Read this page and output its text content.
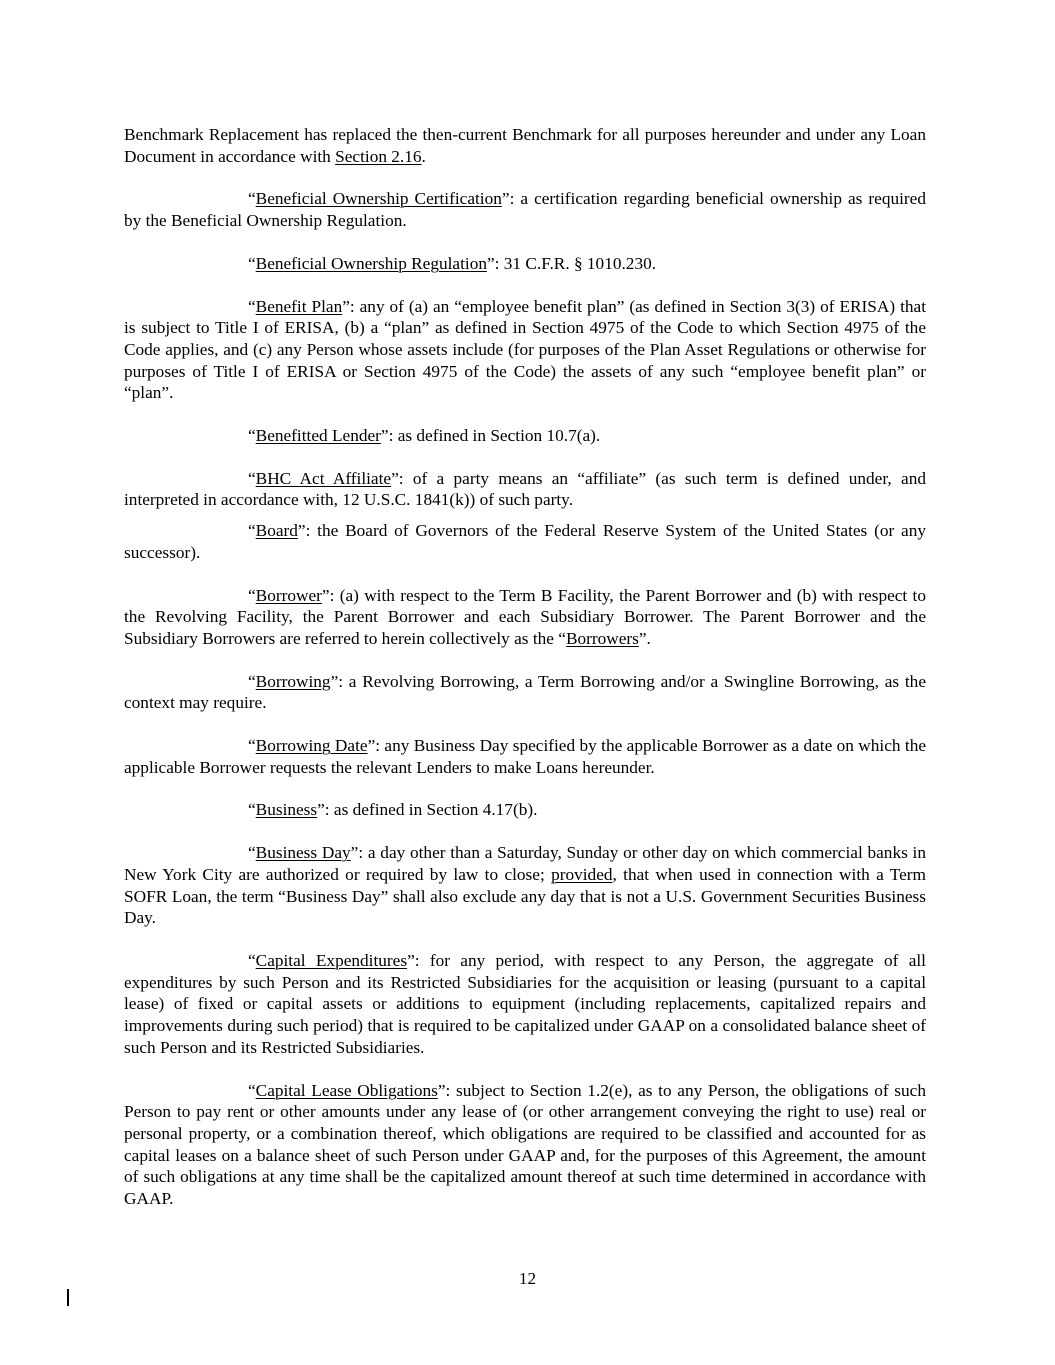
Benchmark Replacement has replaced the then-current Benchmark for all purposes hereunder and under any Loan Document in accordance with Section 2.16.

“Beneficial Ownership Certification”: a certification regarding beneficial ownership as required by the Beneficial Ownership Regulation.

“Beneficial Ownership Regulation”: 31 C.F.R. § 1010.230.

“Benefit Plan”: any of (a) an “employee benefit plan” (as defined in Section 3(3) of ERISA) that is subject to Title I of ERISA, (b) a “plan” as defined in Section 4975 of the Code to which Section 4975 of the Code applies, and (c) any Person whose assets include (for purposes of the Plan Asset Regulations or otherwise for purposes of Title I of ERISA or Section 4975 of the Code) the assets of any such “employee benefit plan” or “plan”.

“Benefitted Lender”: as defined in Section 10.7(a).

“BHC Act Affiliate”: of a party means an “affiliate” (as such term is defined under, and interpreted in accordance with, 12 U.S.C. 1841(k)) of such party.

“Board”: the Board of Governors of the Federal Reserve System of the United States (or any successor).

“Borrower”: (a) with respect to the Term B Facility, the Parent Borrower and (b) with respect to the Revolving Facility, the Parent Borrower and each Subsidiary Borrower. The Parent Borrower and the Subsidiary Borrowers are referred to herein collectively as the “Borrowers”.

“Borrowing”: a Revolving Borrowing, a Term Borrowing and/or a Swingline Borrowing, as the context may require.

“Borrowing Date”: any Business Day specified by the applicable Borrower as a date on which the applicable Borrower requests the relevant Lenders to make Loans hereunder.

“Business”: as defined in Section 4.17(b).

“Business Day”: a day other than a Saturday, Sunday or other day on which commercial banks in New York City are authorized or required by law to close; provided, that when used in connection with a Term SOFR Loan, the term “Business Day” shall also exclude any day that is not a U.S. Government Securities Business Day.

“Capital Expenditures”: for any period, with respect to any Person, the aggregate of all expenditures by such Person and its Restricted Subsidiaries for the acquisition or leasing (pursuant to a capital lease) of fixed or capital assets or additions to equipment (including replacements, capitalized repairs and improvements during such period) that is required to be capitalized under GAAP on a consolidated balance sheet of such Person and its Restricted Subsidiaries.

“Capital Lease Obligations”: subject to Section 1.2(e), as to any Person, the obligations of such Person to pay rent or other amounts under any lease of (or other arrangement conveying the right to use) real or personal property, or a combination thereof, which obligations are required to be classified and accounted for as capital leases on a balance sheet of such Person under GAAP and, for the purposes of this Agreement, the amount of such obligations at any time shall be the capitalized amount thereof at such time determined in accordance with GAAP.

12
